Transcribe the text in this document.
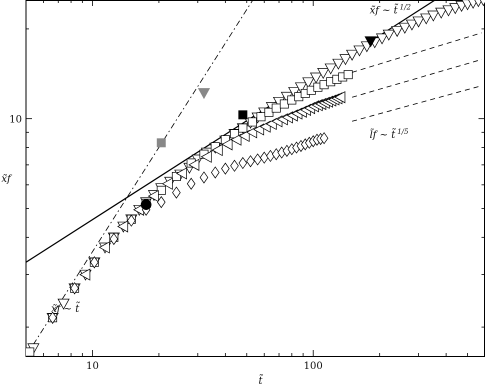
10	100
10
t̃
x̃f
x̃f ~ t̃ $^{1/2}$
l̃f ~ t̃ $^{1/5}$
x̃f ~ t̃
